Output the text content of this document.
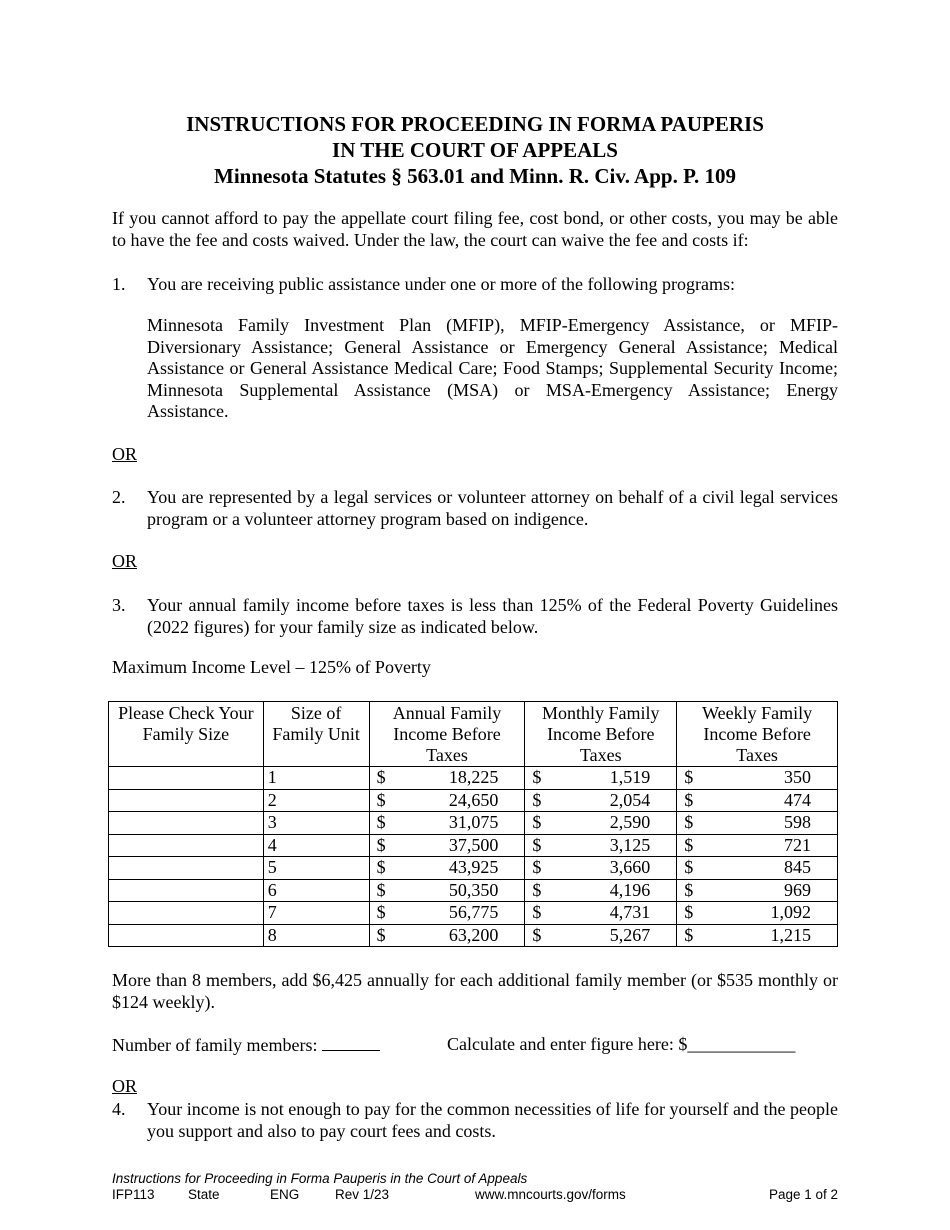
INSTRUCTIONS FOR PROCEEDING IN FORMA PAUPERIS
IN THE COURT OF APPEALS
Minnesota Statutes § 563.01 and Minn. R. Civ. App. P. 109
If you cannot afford to pay the appellate court filing fee, cost bond, or other costs, you may be able to have the fee and costs waived. Under the law, the court can waive the fee and costs if:
1. You are receiving public assistance under one or more of the following programs:
Minnesota Family Investment Plan (MFIP), MFIP-Emergency Assistance, or MFIP-Diversionary Assistance; General Assistance or Emergency General Assistance; Medical Assistance or General Assistance Medical Care; Food Stamps; Supplemental Security Income; Minnesota Supplemental Assistance (MSA) or MSA-Emergency Assistance; Energy Assistance.
OR
2. You are represented by a legal services or volunteer attorney on behalf of a civil legal services program or a volunteer attorney program based on indigence.
OR
3. Your annual family income before taxes is less than 125% of the Federal Poverty Guidelines (2022 figures) for your family size as indicated below.
Maximum Income Level – 125% of Poverty
Please Check Your Family Size	Size of Family Unit	Annual Family Income Before Taxes	Monthly Family Income Before Taxes	Weekly Family Income Before Taxes
	1	$ 18,225	$ 1,519	$ 350

	2	$ 24,650	$ 2,054	$ 474

	3	$ 31,075	$ 2,590	$ 598

	4	$ 37,500	$ 3,125	$ 721

	5	$ 43,925	$ 3,660	$ 845

	6	$ 50,350	$ 4,196	$ 969

	7	$ 56,775	$ 4,731	$ 1,092

	8	$ 63,200	$ 5,267	$ 1,215
More than 8 members, add $6,425 annually for each additional family member (or $535 monthly or $124 weekly).
Number of family members:	Calculate and enter figure here: $____________
OR
4. Your income is not enough to pay for the common necessities of life for yourself and the people you support and also to pay court fees and costs.
Instructions for Proceeding in Forma Pauperis in the Court of Appeals
IFP113 State	ENG	Rev 1/23	www.mncourts.gov/forms	Page 1 of 2
